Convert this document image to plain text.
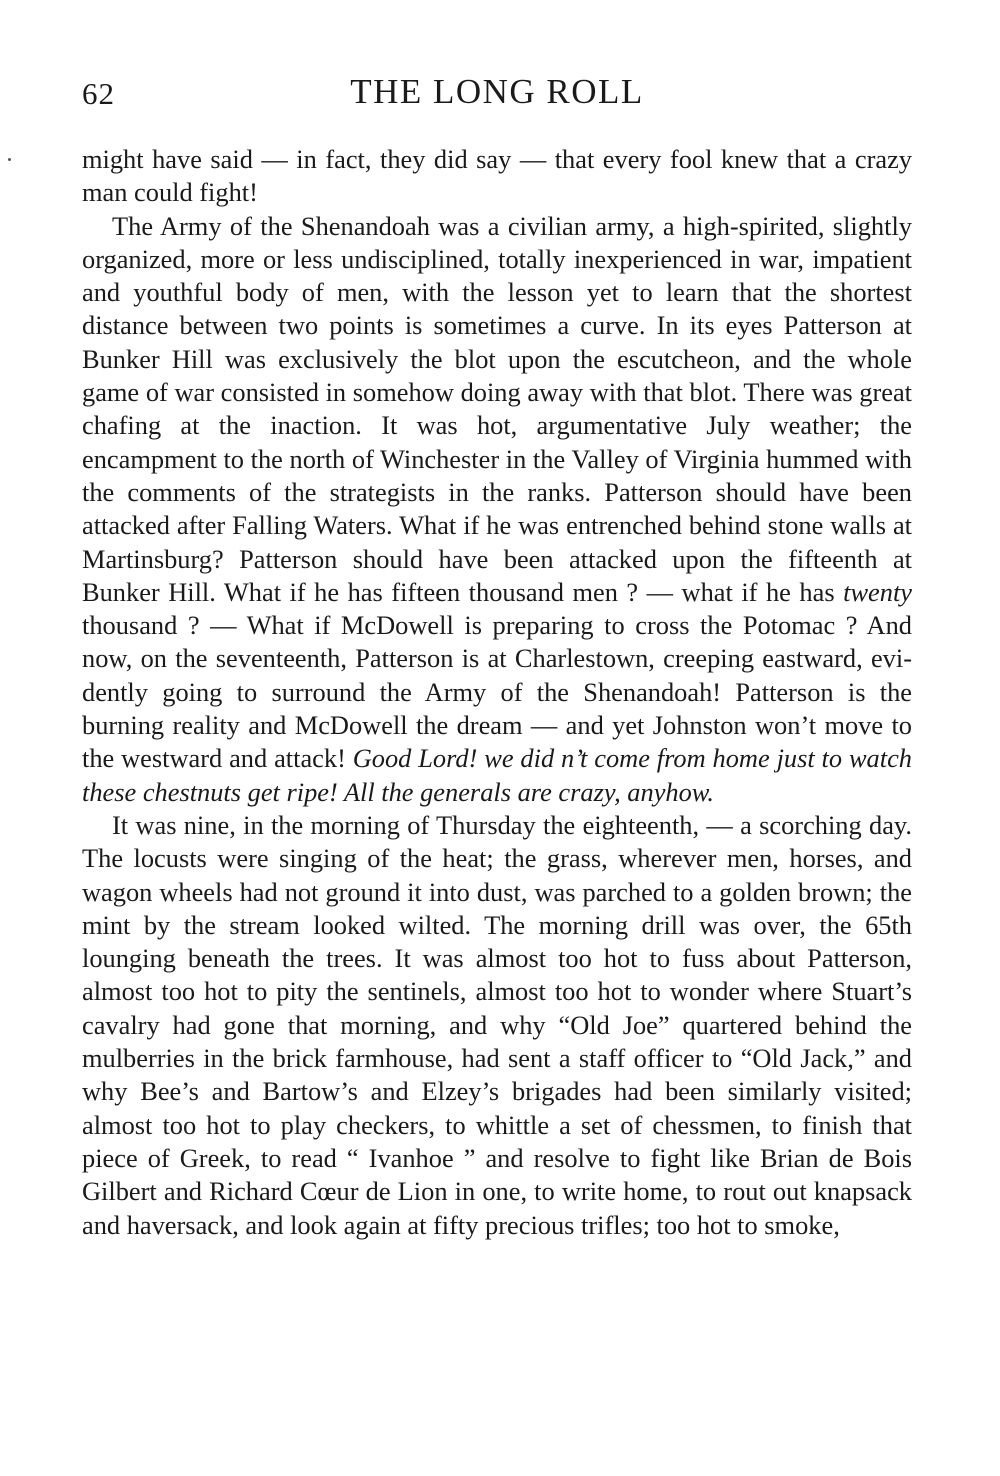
62	THE LONG ROLL

might have said — in fact, they did say — that every fool knew that a crazy man could fight!

The Army of the Shenandoah was a civilian army, a high-spirited, slightly organized, more or less undisciplined, totally inexperienced in war, impatient and youthful body of men, with the lesson yet to learn that the shortest distance between two points is sometimes a curve. In its eyes Patterson at Bunker Hill was exclusively the blot upon the escutcheon, and the whole game of war consisted in somehow doing away with that blot. There was great chafing at the inaction. It was hot, argumentative July weather; the encampment to the north of Winchester in the Valley of Virginia hummed with the comments of the strategists in the ranks. Patterson should have been attacked after Falling Waters. What if he was entrenched behind stone walls at Martinsburg? Patterson should have been attacked upon the fifteenth at Bunker Hill. What if he has fifteen thousand men ? — what if he has twenty thousand ? — What if McDowell is preparing to cross the Potomac ? And now, on the seventeenth, Patterson is at Charlestown, creeping eastward, evidently going to surround the Army of the Shenandoah! Patterson is the burning reality and McDowell the dream — and yet Johnston won’t move to the westward and attack! Good Lord! we did n’t come from home just to watch these chestnuts get ripe! All the generals are crazy, anyhow.

It was nine, in the morning of Thursday the eighteenth, — a scorching day. The locusts were singing of the heat; the grass, wherever men, horses, and wagon wheels had not ground it into dust, was parched to a golden brown; the mint by the stream looked wilted. The morning drill was over, the 65th lounging beneath the trees. It was almost too hot to fuss about Patterson, almost too hot to pity the sentinels, almost too hot to wonder where Stuart’s cavalry had gone that morning, and why “Old Joe” quartered behind the mulberries in the brick farmhouse, had sent a staff officer to “Old Jack,” and why Bee’s and Bartow’s and Elzey’s brigades had been similarly visited; almost too hot to play checkers, to whittle a set of chessmen, to finish that piece of Greek, to read “ Ivanhoe ” and resolve to fight like Brian de Bois Gilbert and Richard Cœur de Lion in one, to write home, to rout out knapsack and haversack, and look again at fifty precious trifles; too hot to smoke,
